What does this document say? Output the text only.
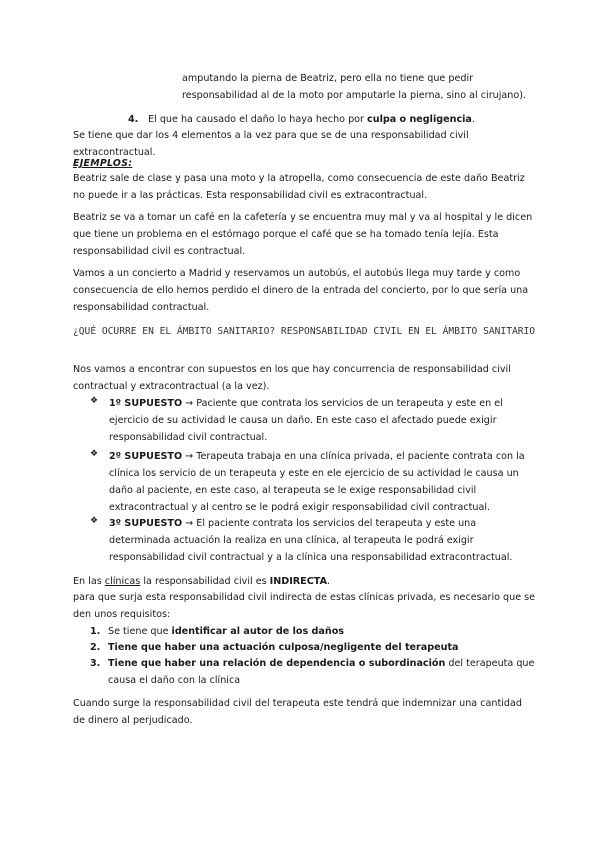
amputando la pierna de Beatriz, pero ella no tiene que pedir responsabilidad al de la moto por amputarle la pierna, sino al cirujano).

4. El que ha causado el daño lo haya hecho por culpa o negligencia.

Se tiene que dar los 4 elementos a la vez para que se de una responsabilidad civil extracontractual.

EJEMPLOS:

Beatriz sale de clase y pasa una moto y la atropella, como consecuencia de este daño Beatriz no puede ir a las prácticas. Esta responsabilidad civil es extracontractual.

Beatriz se va a tomar un café en la cafetería y se encuentra muy mal y va al hospital y le dicen que tiene un problema en el estómago porque el café que se ha tomado tenía lejía. Esta responsabilidad civil es contractual.

Vamos a un concierto a Madrid y reservamos un autobús, el autobús llega muy tarde y como consecuencia de ello hemos perdido el dinero de la entrada del concierto, por lo que sería una responsabilidad contractual.

¿QUÉ OCURRE EN EL ÁMBITO SANITARIO? RESPONSABILIDAD CIVIL EN EL ÁMBITO SANITARIO

Nos vamos a encontrar con supuestos en los que hay concurrencia de responsabilidad civil contractual y extracontractual (a la vez).

❖ 1º SUPUESTO → Paciente que contrata los servicios de un terapeuta y este en el ejercicio de su actividad le causa un daño. En este caso el afectado puede exigir responsabilidad civil contractual.

❖ 2º SUPUESTO → Terapeuta trabaja en una clínica privada, el paciente contrata con la clínica los servicio de un terapeuta y este en ele ejercicio de su actividad le causa un daño al paciente, en este caso, al terapeuta se le exige responsabilidad civil extracontractual y al centro se le podrá exigir responsabilidad civil contractual.

❖ 3º SUPUESTO → El paciente contrata los servicios del terapeuta y este una determinada actuación la realiza en una clínica, al terapeuta le podrá exigir responsabilidad civil contractual y a la clínica una responsabilidad extracontractual.

En las clínicas la responsabilidad civil es INDIRECTA.

para que surja esta responsabilidad civil indirecta de estas clínicas privada, es necesario que se den unos requisitos:

1. Se tiene que identificar al autor de los daños

2. Tiene que haber una actuación culposa/negligente del terapeuta

3. Tiene que haber una relación de dependencia o subordinación del terapeuta que causa el daño con la clínica

Cuando surge la responsabilidad civil del terapeuta este tendrá que indemnizar una cantidad de dinero al perjudicado.
